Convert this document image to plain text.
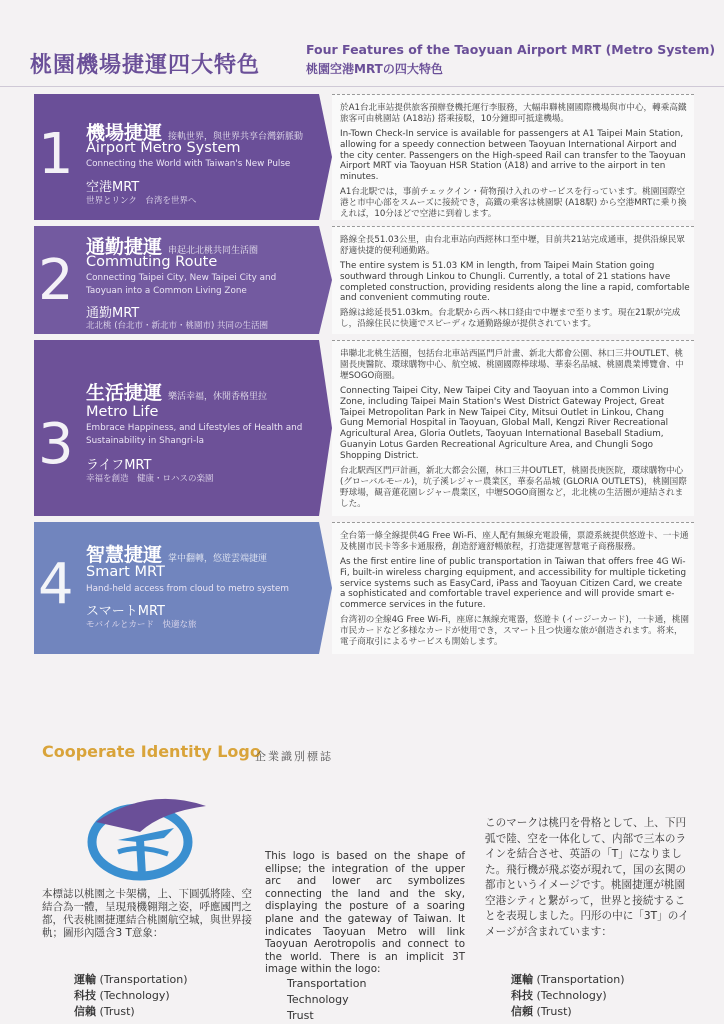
桃園機場捷運四大特色
Four Features of the Taoyuan Airport MRT (Metro System)
桃園空港MRTの四大特色
1 機場捷運 接軌世界，與世界共享台灣新脈動
Airport Metro System
Connecting the World with Taiwan's New Pulse
空港MRT
世界とリンク　台湾を世界へ

於A1台北車站提供旅客預辦登機托運行李服務，大幅串聯桃園國際機場與市中心，轉乘高鐵旅客可由桃園站 (A18站) 搭乘接駁，10分鐘即可抵達機場。

In-Town Check-In service is available for passengers at A1 Taipei Main Station, allowing for a speedy connection between Taoyuan International Airport and the city center. Passengers on the High-speed Rail can transfer to the Taoyuan Airport MRT via Taoyuan HSR Station (A18) and arrive to the airport in ten minutes.

A1台北駅では，事前チェックイン・荷物預け入れのサービスを行っています。桃園国際空港と市中心部をスムーズに接続でき，高鐵の乗客は桃園駅 (A18駅) から空港MRTに乗り換えれば，10分ほどで空港に到着します。

2
通勤捷運 串起北北桃共同生活圈
Commuting Route
Connecting Taipei City, New Taipei City and Taoyuan into a Common Living Zone
通勤MRT
北北桃 (台北市・新北市・桃園市) 共同の生活圏

路線全長51.03公里，由台北車站向西經林口至中壢，目前共21站完成通車，提供沿線民眾舒適快捷的便利通勤路。

The entire system is 51.03 KM in length, from Taipei Main Station going southward through Linkou to Chungli. Currently, a total of 21 stations have completed construction, providing residents along the line a rapid, comfortable and convenient commuting route.

路線は総延長51.03km。台北駅から西へ林口経由で中壢まで至ります。現在21駅が完成し，沿線住民に快適でスピーディな通勤路線が提供されています。

3
生活捷運 樂活幸福，休閒香格里拉
Metro Life
Embrace Happiness, and Lifestyles of Health and Sustainability in Shangri-la
ライフMRT
幸福を創造　健康・ロハスの楽園

串聯北北桃生活圈，包括台北車站西區門戶計畫、新北大都會公園、林口三井OUTLET、桃園長庚醫院、環球購物中心、航空城、桃園國際棒球場、華泰名品城、桃園農業博覽會、中壢SOGO商圈。

Connecting Taipei City, New Taipei City and Taoyuan into a Common Living Zone, including Taipei Main Station's West District Gateway Project, Great Taipei Metropolitan Park in New Taipei City, Mitsui Outlet in Linkou, Chang Gung Memorial Hospital in Taoyuan, Global Mall, Kengzi River Recreational Agricultural Area, Gloria Outlets, Taoyuan International Baseball Stadium, Guanyin Lotus Garden Recreational Agriculture Area, and Chungli Sogo Shopping District.

台北駅西区門戸計画，新北大都会公園，林口三井OUTLET，桃園長庚医院，環球購物中心 (グローバルモール)，坑子溪レジャー農業区，華泰名品城 (GLORIA OUTLETS)，桃園国際野球場，観音蓮花園レジャー農業区，中壢SOGO商圏など，北北桃の生活圏が連結されました。

4 智慧捷運 掌中翻轉，悠遊雲端捷運
Smart MRT
Hand-held access from cloud to metro system
スマートMRT
モバイルとカード　快適な旅

全台第一條全線提供4G Free Wi-Fi、座人配有無線充電設備，票證系統提供悠遊卡、一卡通及桃園市民卡等多卡通服務，創造舒適舒暢旅程，打造捷運智慧電子商務服務。

As the first entire line of public transportation in Taiwan that offers free 4G Wi-Fi, built-in wireless charging equipment, and accessibility for multiple ticketing service systems such as EasyCard, iPass and Taoyuan Citizen Card, we create a sophisticated and comfortable travel experience and will provide smart e-commerce services in the future.

台湾初の全線4G Free Wi-Fi，座席に無線充電器，悠遊卡 (イージーカード)，一卡通，桃園市民カードなど多様なカードが使用でき，スマート且つ快適な旅が創造されます。将来，電子商取引によるサービスも開始します。

Cooperate Identity Logo
企業識別標誌
本標誌以桃園之卡架構，上、下圓弧將陸、空結合為一體，呈現飛機翱翔之姿，呼應國門之都，代表桃園捷運結合桃園航空城，與世界接軌；圖形內隱含3 T意象：
This logo is based on the shape of ellipse; the integration of the upper arc and lower arc symbolizes connecting the land and the sky, displaying the posture of a soaring plane and the gateway of Taiwan. It indicates Taoyuan Metro will link Taoyuan Aerotropolis and connect to the world. There is an implicit 3T image within the logo:
このマークは桃円を骨格として、上、下円弧で陸、空を一体化して、内部で三本のラインを結合させ、英語の「T」になりました。飛行機が飛ぶ姿が現れて，国の玄関の都市というイメージです。桃園捷運が桃園空港シティと繋がって，世界と接続することを表現しました。円形の中に「3T」のイメージが含まれています：
運輸 (Transportation)
科技 (Technology)
信賴 (Trust)
Transportation
Technology
Trust
運輸 (Transportation)
科技 (Technology)
信頼 (Trust)
